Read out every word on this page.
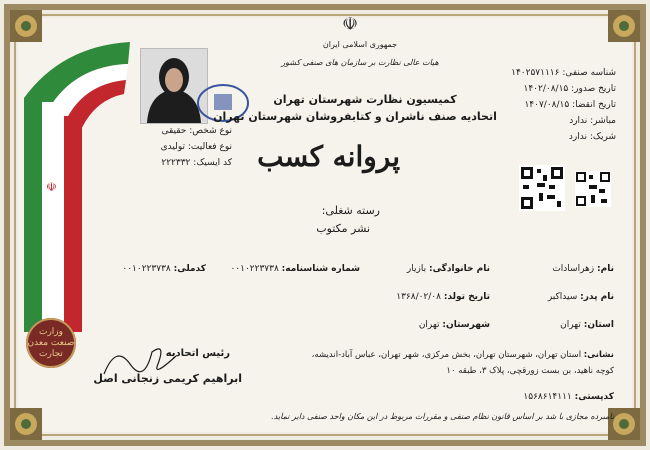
☫
وزارت صنعت معدن تجارت
☫
جمهوری اسلامی ایران
هیات عالی نظارت بر سازمان های صنفی کشور
کمیسیون نظارت شهرستان تهران
اتحادیه صنف ناشران و کتابفروشان شهرستان تهران
شناسه صنفی: ۱۴۰۲۵۷۱۱۱۶
تاریخ صدور: ۱۴۰۲/۰۸/۱۵
تاریخ انقضا: ۱۴۰۷/۰۸/۱۵
مباشر: ندارد
شریک: ندارد
نوع شخص: حقیقی
نوع فعالیت: تولیدی
کد ایسیک: ۲۲۲۳۳۲	پروانه کسب
رسته شغلی:
نشر مکتوب
نام: زهراسادات
نام خانوادگی: بازیار
شماره شناسنامه: ۰۰۱۰۲۲۳۷۳۸
کدملی: ۰۰۱۰۲۲۳۷۳۸
نام پدر: سیداکبر
تاریخ تولد: ۱۳۶۸/۰۲/۰۸
استان: تهران
شهرستان: تهران
نشانی: استان تهران، شهرستان تهران، بخش مرکزی، شهر تهران، عباس آباد-اندیشه،
کوچه ناهید، بن بست زورقچی، پلاک ۳، طبقه ۱۰
کدپستی: ۱۵۶۸۶۱۴۱۱۱
رئیس اتحادیه
ابراهیم کریمی زنجانی اصل
نامبرده مجازی با شد بر اساس قانون نظام صنفی و مقررات مربوط در این مکان واحد صنفی دایر نماید.
